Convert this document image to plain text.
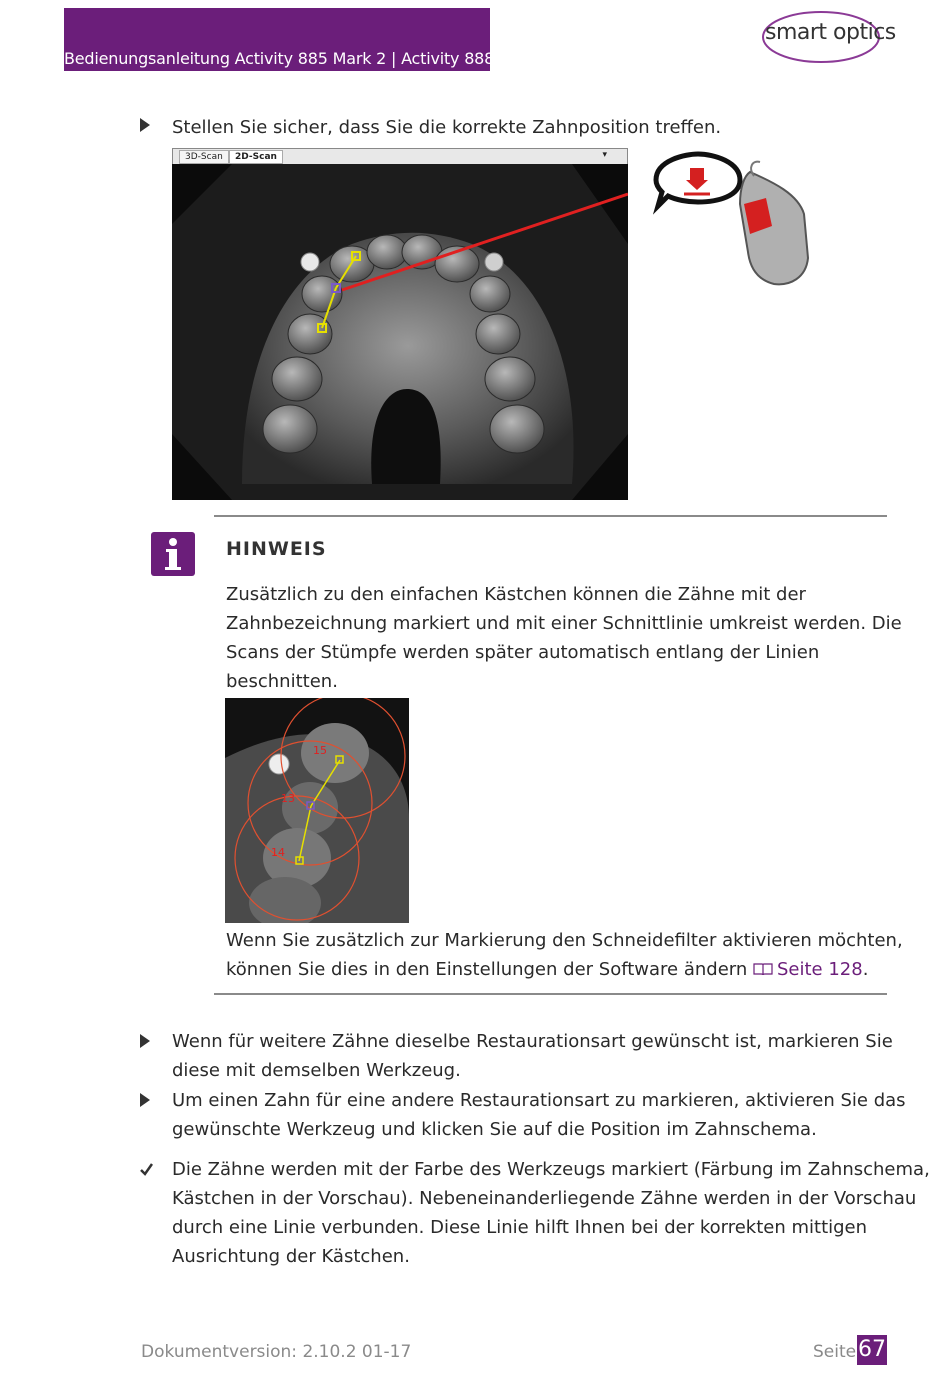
Bedienungsanleitung Activity 885 Mark 2 | Activity 888
smart optics
Stellen Sie sicher, dass Sie die korrekte Zahnposition treffen.
3D-Scan	2D-Scan	▾
HINWEIS
Zusätzlich zu den einfachen Kästchen können die Zähne mit der
Zahnbezeichnung markiert und mit einer Schnittlinie umkreist werden. Die
Scans der Stümpfe werden später automatisch entlang der Linien
beschnitten.
15
13
14
Wenn Sie zusätzlich zur Markierung den Schneidefilter aktivieren möchten,
können Sie dies in den Einstellungen der Software ändern Seite 128.
Wenn für weitere Zähne dieselbe Restaurationsart gewünscht ist, markieren Sie
diese mit demselben Werkzeug.
Um einen Zahn für eine andere Restaurationsart zu markieren, aktivieren Sie das
gewünschte Werkzeug und klicken Sie auf die Position im Zahnschema.
Die Zähne werden mit der Farbe des Werkzeugs markiert (Färbung im Zahnschema,
Kästchen in der Vorschau). Nebeneinanderliegende Zähne werden in der Vorschau
durch eine Linie verbunden. Diese Linie hilft Ihnen bei der korrekten mittigen
Ausrichtung der Kästchen.
Dokumentversion: 2.10.2 01-17	Seite 67
